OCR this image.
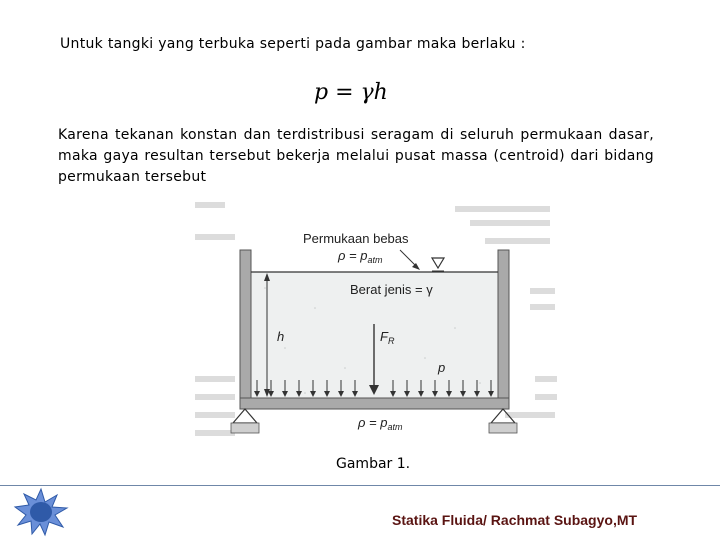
Untuk tangki yang terbuka seperti pada gambar maka berlaku :
p = γh
Karena tekanan konstan dan terdistribusi seragam di seluruh permukaan dasar, maka gaya resultan tersebut bekerja melalui pusat massa (centroid) dari bidang permukaan tersebut
Permukaan bebas
$\rho = p_{atm}$
Berat jenis = γ
h	$F_R$
p
$\rho = p_{atm}$
Gambar 1.
Statika Fluida/ Rachmat Subagyo,MT
